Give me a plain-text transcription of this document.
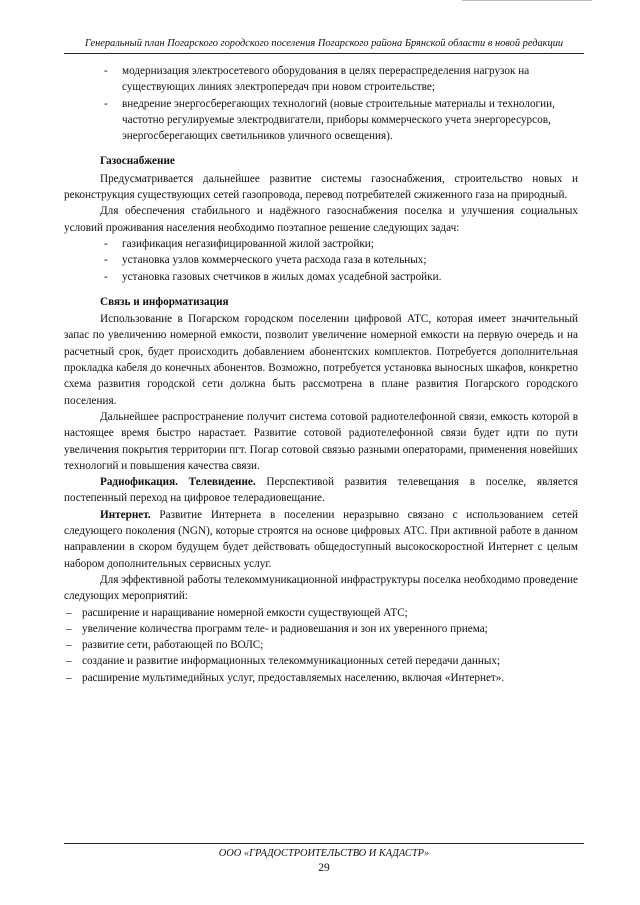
Генеральный план Погарского городского поселения Погарского района Брянской области в новой редакции
- модернизация электросетевого оборудования в целях перераспределения нагрузок на существующих линиях электропередач при новом строительстве;
- внедрение энергосберегающих технологий (новые строительные материалы и технологии, частотно регулируемые электродвигатели, приборы коммерческого учета энергоресурсов, энергосберегающих светильников уличного освещения).

Газоснабжение

Предусматривается дальнейшее развитие системы газоснабжения, строительство новых и реконструкция существующих сетей газопровода, перевод потребителей сжиженного газа на природный.

Для обеспечения стабильного и надёжного газоснабжения поселка и улучшения социальных условий проживания населения необходимо поэтапное решение следующих задач:

- газификация негазифицированной жилой застройки;
- установка узлов коммерческого учета расхода газа в котельных;
- установка газовых счетчиков в жилых домах усадебной застройки.

Связь и информатизация

Использование в Погарском городском поселении цифровой АТС, которая имеет значительный запас по увеличению номерной емкости, позволит увеличение номерной емкости на первую очередь и на расчетный срок, будет происходить добавлением абонентских комплектов. Потребуется дополнительная прокладка кабеля до конечных абонентов. Возможно, потребуется установка выносных шкафов, конкретно схема развития городской сети должна быть рассмотрена в плане развития Погарского городского поселения.

Дальнейшее распространение получит система сотовой радиотелефонной связи, емкость которой в настоящее время быстро нарастает. Развитие сотовой радиотелефонной связи будет идти по пути увеличения покрытия территории пгт. Погар сотовой связью разными операторами, применения новейших технологий и повышения качества связи.

Радиофикация. Телевидение. Перспективой развития телевещания в поселке, является постепенный переход на цифровое телерадиовещание.

Интернет. Развитие Интернета в поселении неразрывно связано с использованием сетей следующего поколения (NGN), которые строятся на основе цифровых АТС. При активной работе в данном направлении в скором будущем будет действовать общедоступный высокоскоростной Интернет с целым набором дополнительных сервисных услуг.

Для эффективной работы телекоммуникационной инфраструктуры поселка необходимо проведение следующих мероприятий:

– расширение и наращивание номерной емкости существующей АТС;
– увеличение количества программ теле- и радиовешания и зон их уверенного приема;
– развитие сети, работающей по ВОЛС;
– создание и развитие информационных телекоммуникационных сетей передачи данных;
– расширение мультимедийных услуг, предоставляемых населению, включая «Интернет».
ООО «ГРАДОСТРОИТЕЛЬСТВО И КАДАСТР»
29
